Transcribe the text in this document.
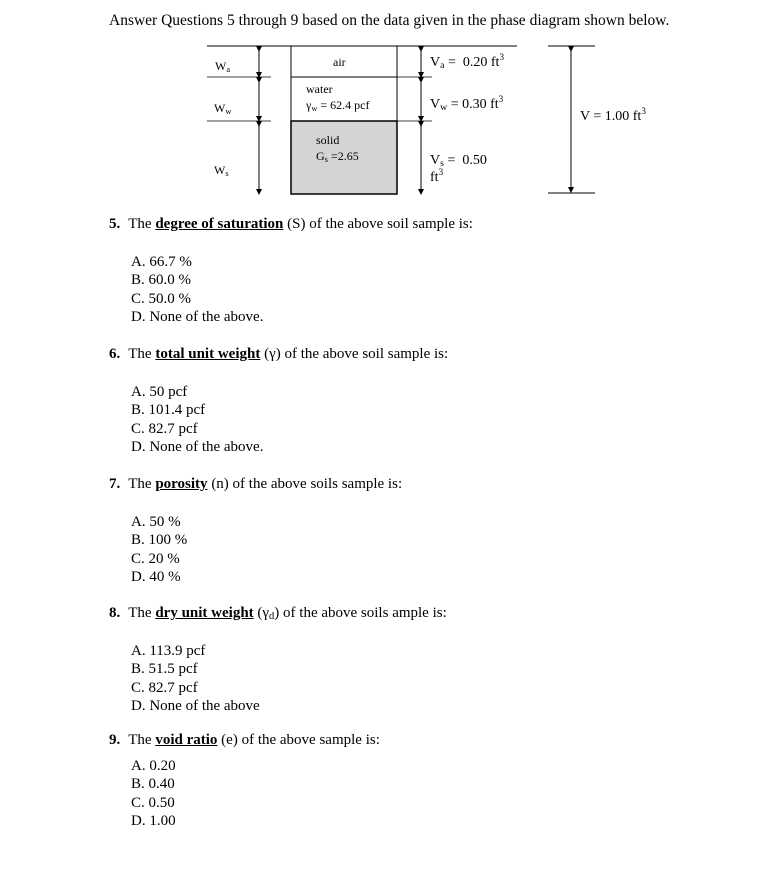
Answer Questions 5 through 9 based on the data given in the phase diagram shown below.
$W_a$
$W_w$
$W_s$
air
water
$\gamma_w = 62.4$ pcf
solid
$G_s =2.65$
$V_a = 0.20$ $ft^3$
$V_w = 0.30$ $ft^3$
$V_s = 0.50$
$ft^3$
V = 1.00 $ft^3$
5. The degree of saturation (S) of the above soil sample is:
A. 66.7 %
B. 60.0 %
C. 50.0 %
D. None of the above.
6. The total unit weight (γ) of the above soil sample is:
A. 50 pcf
B. 101.4 pcf
C. 82.7 pcf
D. None of the above.
7. The porosity (n) of the above soils sample is:
A. 50 %
B. 100 %
C. 20 %
D. 40 %
8. The dry unit weight $(\gamma_d)$ of the above soils ample is:
A. 113.9 pcf
B. 51.5 pcf
C. 82.7 pcf
D. None of the above
9. The void ratio (e) of the above sample is:
A. 0.20
B. 0.40
C. 0.50
D. 1.00
